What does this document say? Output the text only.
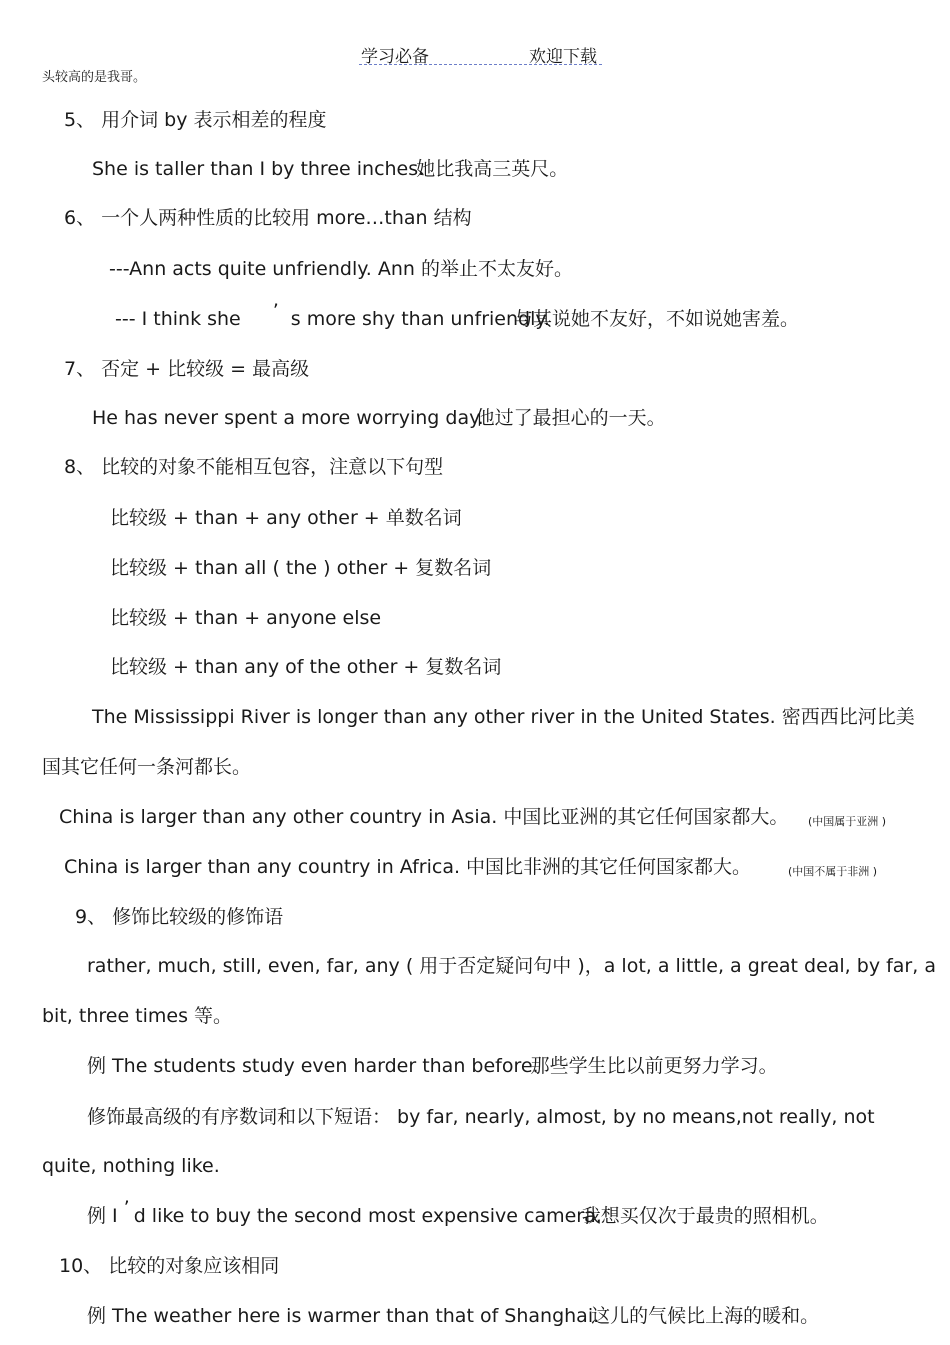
学习必备	欢迎下载
头较高的是我哥。
5、 用介词 by 表示相差的程度
She is taller than I by three inches.她比我高三英尺。
6、 一个人两种性质的比较用 more…than 结构
---Ann acts quite unfriendly. Ann 的举止不太友好。
--- I think she ’ s more shy than unfriendly.与其说她不友好，不如说她害羞。
7、 否定 + 比较级 = 最高级
He has never spent a more worrying day.他过了最担心的一天。
8、 比较的对象不能相互包容，注意以下句型
比较级 + than + any other + 单数名词
比较级 + than all ( the ) other + 复数名词
比较级 + than + anyone else
比较级 + than any of the other + 复数名词
The Mississippi River is longer than any other river in the United States. 密西西比河比美
国其它任何一条河都长。
China is larger than any other country in Asia. 中国比亚洲的其它任何国家都大。 (中国属于亚洲 )
China is larger than any country in Africa. 中国比非洲的其它任何国家都大。	(中国不属于非洲 )
9、 修饰比较级的修饰语
rather, much, still, even, far, any ( 用于否定疑问句中 )，a lot, a little, a great deal, by far, a
bit, three times 等。
例 The students study even harder than before.那些学生比以前更努力学习。
修饰最高级的有序数词和以下短语： by far, nearly, almost, by no means,not really, not
quite, nothing like.
例 I ’ d like to buy the second most expensive camera.我想买仅次于最贵的照相机。
10、 比较的对象应该相同
例 The weather here is warmer than that of Shanghai.这儿的气候比上海的暖和。
